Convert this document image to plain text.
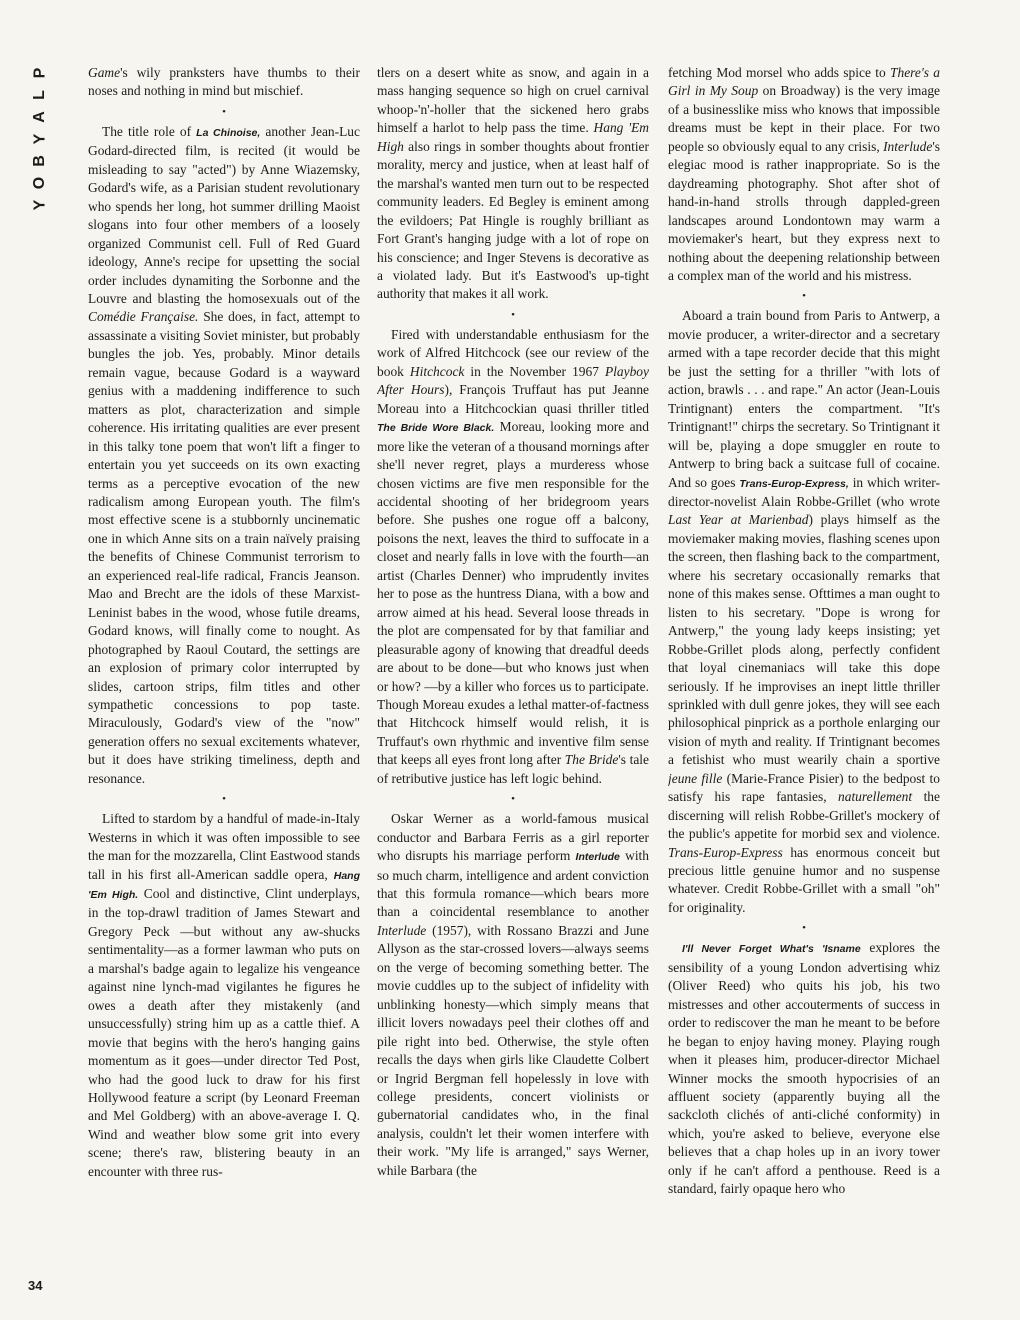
P
L
A
Y
B
O
Y
34

Game's wily pranksters have thumbs to their noses and nothing in mind but mischief.

•

The title role of La Chinoise, another Jean-Luc Godard-directed film, is recited (it would be misleading to say "acted") by Anne Wiazemsky, Godard's wife, as a Parisian student revolutionary who spends her long, hot summer drilling Maoist slogans into four other members of a loosely organized Communist cell. Full of Red Guard ideology, Anne's recipe for upsetting the social order includes dynamiting the Sorbonne and the Louvre and blasting the homosexuals out of the Comédie Française. She does, in fact, attempt to assassinate a visiting Soviet minister, but probably bungles the job. Yes, probably. Minor details remain vague, because Godard is a wayward genius with a maddening indifference to such matters as plot, characterization and simple coherence. His irritating qualities are ever present in this talky tone poem that won't lift a finger to entertain you yet succeeds on its own exacting terms as a perceptive evocation of the new radicalism among European youth. The film's most effective scene is a stubbornly uncinematic one in which Anne sits on a train naïvely praising the benefits of Chinese Communist terrorism to an experienced real-life radical, Francis Jeanson. Mao and Brecht are the idols of these Marxist-Leninist babes in the wood, whose futile dreams, Godard knows, will finally come to nought. As photographed by Raoul Coutard, the settings are an explosion of primary color interrupted by slides, cartoon strips, film titles and other sympathetic concessions to pop taste. Miraculously, Godard's view of the "now" generation offers no sexual excitements whatever, but it does have striking timeliness, depth and resonance.

•

Lifted to stardom by a handful of made-in-Italy Westerns in which it was often impossible to see the man for the mozzarella, Clint Eastwood stands tall in his first all-American saddle opera, Hang 'Em High. Cool and distinctive, Clint underplays, in the top-drawl tradition of James Stewart and Gregory Peck —but without any aw-shucks sentimentality—as a former lawman who puts on a marshal's badge again to legalize his vengeance against nine lynch-mad vigilantes he figures he owes a death after they mistakenly (and unsuccessfully) string him up as a cattle thief. A movie that begins with the hero's hanging gains momentum as it goes—under director Ted Post, who had the good luck to draw for his first Hollywood feature a script (by Leonard Freeman and Mel Goldberg) with an above-average I. Q. Wind and weather blow some grit into every scene; there's raw, blistering beauty in an encounter with three rus-

tlers on a desert white as snow, and again in a mass hanging sequence so high on cruel carnival whoop-'n'-holler that the sickened hero grabs himself a harlot to help pass the time. Hang 'Em High also rings in somber thoughts about frontier morality, mercy and justice, when at least half of the marshal's wanted men turn out to be respected community leaders. Ed Begley is eminent among the evildoers; Pat Hingle is roughly brilliant as Fort Grant's hanging judge with a lot of rope on his conscience; and Inger Stevens is decorative as a violated lady. But it's Eastwood's up-tight authority that makes it all work.

•

Fired with understandable enthusiasm for the work of Alfred Hitchcock (see our review of the book Hitchcock in the November 1967 Playboy After Hours), François Truffaut has put Jeanne Moreau into a Hitchcockian quasi thriller titled The Bride Wore Black. Moreau, looking more and more like the veteran of a thousand mornings after she'll never regret, plays a murderess whose chosen victims are five men responsible for the accidental shooting of her bridegroom years before. She pushes one rogue off a balcony, poisons the next, leaves the third to suffocate in a closet and nearly falls in love with the fourth—an artist (Charles Denner) who imprudently invites her to pose as the huntress Diana, with a bow and arrow aimed at his head. Several loose threads in the plot are compensated for by that familiar and pleasurable agony of knowing that dreadful deeds are about to be done—but who knows just when or how? —by a killer who forces us to participate. Though Moreau exudes a lethal matter-of-factness that Hitchcock himself would relish, it is Truffaut's own rhythmic and inventive film sense that keeps all eyes front long after The Bride's tale of retributive justice has left logic behind.

•

Oskar Werner as a world-famous musical conductor and Barbara Ferris as a girl reporter who disrupts his marriage perform Interlude with so much charm, intelligence and ardent conviction that this formula romance—which bears more than a coincidental resemblance to another Interlude (1957), with Rossano Brazzi and June Allyson as the star-crossed lovers—always seems on the verge of becoming something better. The movie cuddles up to the subject of infidelity with unblinking honesty—which simply means that illicit lovers nowadays peel their clothes off and pile right into bed. Otherwise, the style often recalls the days when girls like Claudette Colbert or Ingrid Bergman fell hopelessly in love with college presidents, concert violinists or gubernatorial candidates who, in the final analysis, couldn't let their women interfere with their work. "My life is arranged," says Werner, while Barbara (the

fetching Mod morsel who adds spice to There's a Girl in My Soup on Broadway) is the very image of a businesslike miss who knows that impossible dreams must be kept in their place. For two people so obviously equal to any crisis, Interlude's elegiac mood is rather inappropriate. So is the daydreaming photography. Shot after shot of hand-in-hand strolls through dappled-green landscapes around Londontown may warm a moviemaker's heart, but they express next to nothing about the deepening relationship between a complex man of the world and his mistress.

•

Aboard a train bound from Paris to Antwerp, a movie producer, a writer-director and a secretary armed with a tape recorder decide that this might be just the setting for a thriller "with lots of action, brawls . . . and rape." An actor (Jean-Louis Trintignant) enters the compartment. "It's Trintignant!" chirps the secretary. So Trintignant it will be, playing a dope smuggler en route to Antwerp to bring back a suitcase full of cocaine. And so goes Trans-Europ-Express, in which writer-director-novelist Alain Robbe-Grillet (who wrote Last Year at Marienbad) plays himself as the moviemaker making movies, flashing scenes upon the screen, then flashing back to the compartment, where his secretary occasionally remarks that none of this makes sense. Ofttimes a man ought to listen to his secretary. "Dope is wrong for Antwerp," the young lady keeps insisting; yet Robbe-Grillet plods along, perfectly confident that loyal cinemaniacs will take this dope seriously. If he improvises an inept little thriller sprinkled with dull genre jokes, they will see each philosophical pinprick as a porthole enlarging our vision of myth and reality. If Trintignant becomes a fetishist who must wearily chain a sportive jeune fille (Marie-France Pisier) to the bedpost to satisfy his rape fantasies, naturellement the discerning will relish Robbe-Grillet's mockery of the public's appetite for morbid sex and violence. Trans-Europ-Express has enormous conceit but precious little genuine humor and no suspense whatever. Credit Robbe-Grillet with a small "oh" for originality.

•

I'll Never Forget What's 'Isname explores the sensibility of a young London advertising whiz (Oliver Reed) who quits his job, his two mistresses and other accouterments of success in order to rediscover the man he meant to be before he began to enjoy having money. Playing rough when it pleases him, producer-director Michael Winner mocks the smooth hypocrisies of an affluent society (apparently buying all the sackcloth clichés of anti-cliché conformity) in which, you're asked to believe, everyone else believes that a chap holes up in an ivory tower only if he can't afford a penthouse. Reed is a standard, fairly opaque hero who
